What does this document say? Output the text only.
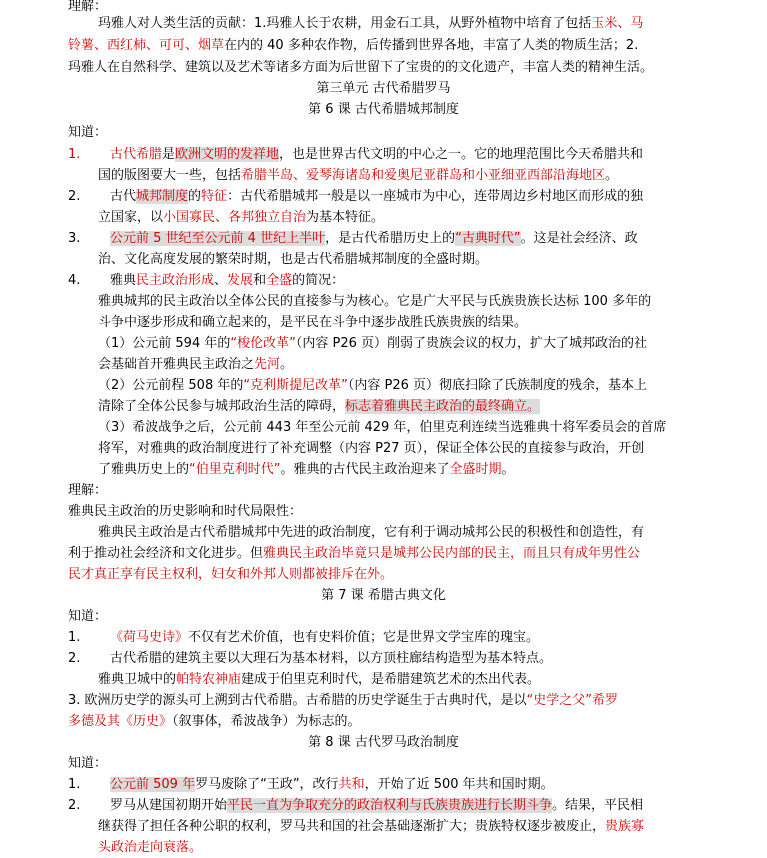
理解：
玛雅人对人类生活的贡献：1.玛雅人长于农耕，用金石工具，从野外植物中培育了包括玉米、马
铃薯、西红柿、可可、烟草在内的 40 多种农作物，后传播到世界各地，丰富了人类的物质生活；2.
玛雅人在自然科学、建筑以及艺术等诸多方面为后世留下了宝贵的的文化遗产，丰富人类的精神生活。
第三单元 古代希腊罗马
第 6 课 古代希腊城邦制度
知道：
1. 古代希腊是欧洲文明的发祥地，也是世界古代文明的中心之一。它的地理范围比今天希腊共和
国的版图要大一些，包括希腊半岛、爱琴海诸岛和爱奥尼亚群岛和小亚细亚西部沿海地区。
2. 古代城邦制度的特征：古代希腊城邦一般是以一座城市为中心，连带周边乡村地区而形成的独
立国家，以小国寡民、各邦独立自治为基本特征。
3. 公元前 5 世纪至公元前 4 世纪上半叶，是古代希腊历史上的“古典时代”。这是社会经济、政
治、文化高度发展的繁荣时期，也是古代希腊城邦制度的全盛时期。
4. 雅典民主政治形成、发展和全盛的简况：
雅典城邦的民主政治以全体公民的直接参与为核心。它是广大平民与氏族贵族长达标 100 多年的
斗争中逐步形成和确立起来的，是平民在斗争中逐步战胜氏族贵族的结果。
（1）公元前 594 年的“梭伦改革”（内容 P26 页）削弱了贵族会议的权力，扩大了城邦政治的社
会基础首开雅典民主政治之先河。
（2）公元前程 508 年的“克利斯提尼改革”（内容 P26 页）彻底扫除了氏族制度的残余，基本上
清除了全体公民参与城邦政治生活的障碍，标志着雅典民主政治的最终确立。
（3）希波战争之后，公元前 443 年至公元前 429 年，伯里克利连续当选雅典十将军委员会的首席
将军，对雅典的政治制度进行了补充调整（内容 P27 页），保证全体公民的直接参与政治，开创
了雅典历史上的“伯里克利时代”。雅典的古代民主政治迎来了全盛时期。
理解：
雅典民主政治的历史影响和时代局限性：
雅典民主政治是古代希腊城邦中先进的政治制度，它有利于调动城邦公民的积极性和创造性，有
利于推动社会经济和文化进步。但雅典民主政治毕竟只是城邦公民内部的民主，而且只有成年男性公
民才真正享有民主权利，妇女和外邦人则都被排斥在外。
第 7 课 希腊古典文化
知道：
1. 《荷马史诗》不仅有艺术价值，也有史料价值；它是世界文学宝库的瑰宝。
2. 古代希腊的建筑主要以大理石为基本材料，以方顶柱廊结构造型为基本特点。
雅典卫城中的帕特农神庙建成于伯里克利时代，是希腊建筑艺术的杰出代表。
3. 欧洲历史学的源头可上溯到古代希腊。古希腊的历史学诞生于古典时代，是以“史学之父”希罗
多德及其《历史》（叙事体，希波战争）为标志的。
第 8 课 古代罗马政治制度
知道：
1. 公元前 509 年罗马废除了“王政”，改行共和，开始了近 500 年共和国时期。
2. 罗马从建国初期开始平民一直为争取充分的政治权利与氏族贵族进行长期斗争。结果，平民相
继获得了担任各种公职的权利，罗马共和国的社会基础逐渐扩大；贵族特权逐步被废止，贵族寡
头政治走向衰落。
